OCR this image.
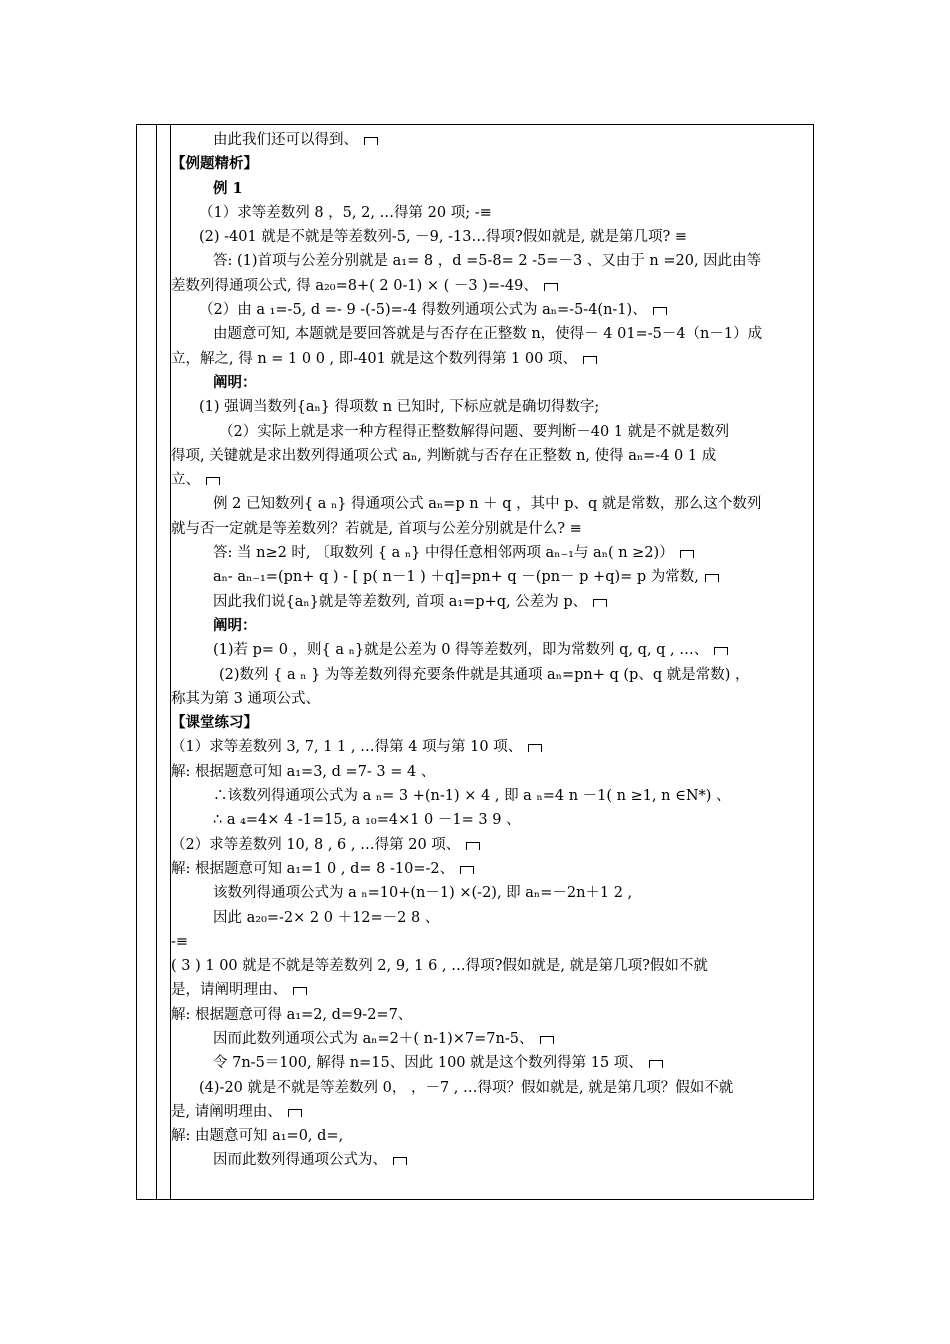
由此我们还可以得到、
【例题精析】
例 1
（1）求等差数列 8 ，5, 2, …得第 20 项; -≡
(2) -401 就是不就是等差数列-5, －9, -13…得项?假如就是, 就是第几项? ≡
答: (1)首项与公差分别就是 a₁= 8 ，d =5-8= 2 -5=－3 、又由于 n =20, 因此由等
差数列得通项公式, 得 a₂₀=8+( 2 0-1) × ( －3 )=-49、
（2）由 a ₁=-5, d =- 9 -(-5)=-4 得数列通项公式为 aₙ=-5-4(n-1)、
由题意可知, 本题就是要回答就是与否存在正整数 n，使得－ 4 01=-5－4（n－1）成
立，解之, 得 n = 1 0 0 , 即-401 就是这个数列得第 1 00 项、
阐明：
(1) 强调当数列{aₙ} 得项数 n 已知时, 下标应就是确切得数字;
（2）实际上就是求一种方程得正整数解得问题、要判断－40 1 就是不就是数列
得项, 关键就是求出数列得通项公式 aₙ, 判断就与否存在正整数 n, 使得 aₙ=-4 0 1 成
立、
例 2 已知数列{ a ₙ} 得通项公式 aₙ=p n ＋ q ，其中 p、q 就是常数，那么这个数列
就与否一定就是等差数列？若就是, 首项与公差分别就是什么? ≡
答: 当 n≥2 时, 〔取数列 { a ₙ} 中得任意相邻两项 aₙ₋₁与 aₙ( n ≥2)）
aₙ- aₙ₋₁=(pn+ q ) - [ p( n－1 ) ＋q]=pn+ q －(pn－ p +q)= p 为常数,
因此我们说{aₙ}就是等差数列, 首项 a₁=p+q, 公差为 p、
阐明：
(1)若 p= 0 ，则{ a ₙ}就是公差为 0 得等差数列，即为常数列 q, q, q , …、
(2)数列 { a ₙ } 为等差数列得充要条件就是其通项 aₙ=pn+ q (p、q 就是常数) ，
称其为第 3 通项公式、
【课堂练习】
（1）求等差数列 3, 7, 1 1 , …得第 4 项与第 10 项、
解: 根据题意可知 a₁=3, d =7- 3 = 4 、
∴该数列得通项公式为 a ₙ= 3 +(n-1) × 4 , 即 a ₙ=4 n －1( n ≥1, n ∈N*) 、
∴ a ₄=4× 4 -1=15, a ₁₀=4×1 0 －1= 3 9 、
（2）求等差数列 10, 8 , 6 , …得第 20 项、
解: 根据题意可知 a₁=1 0 , d= 8 -10=-2、
该数列得通项公式为 a ₙ=10+(n－1) ×(-2), 即 aₙ=－2n＋1 2 ,
因此 a₂₀=-2× 2 0 ＋12=－2 8 、
-≡
( 3 ) 1 00 就是不就是等差数列 2, 9, 1 6 , …得项?假如就是, 就是第几项?假如不就
是，请阐明理由、
解: 根据题意可得 a₁=2, d=9-2=7、
因而此数列通项公式为 aₙ=2＋( n-1)×7=7n-5、
令 7n-5＝100, 解得 n=15、因此 100 就是这个数列得第 15 项、
(4)-20 就是不就是等差数列 0， ，－7 , …得项？假如就是, 就是第几项？假如不就
是, 请阐明理由、
解: 由题意可知 a₁=0, d=,
因而此数列得通项公式为、
